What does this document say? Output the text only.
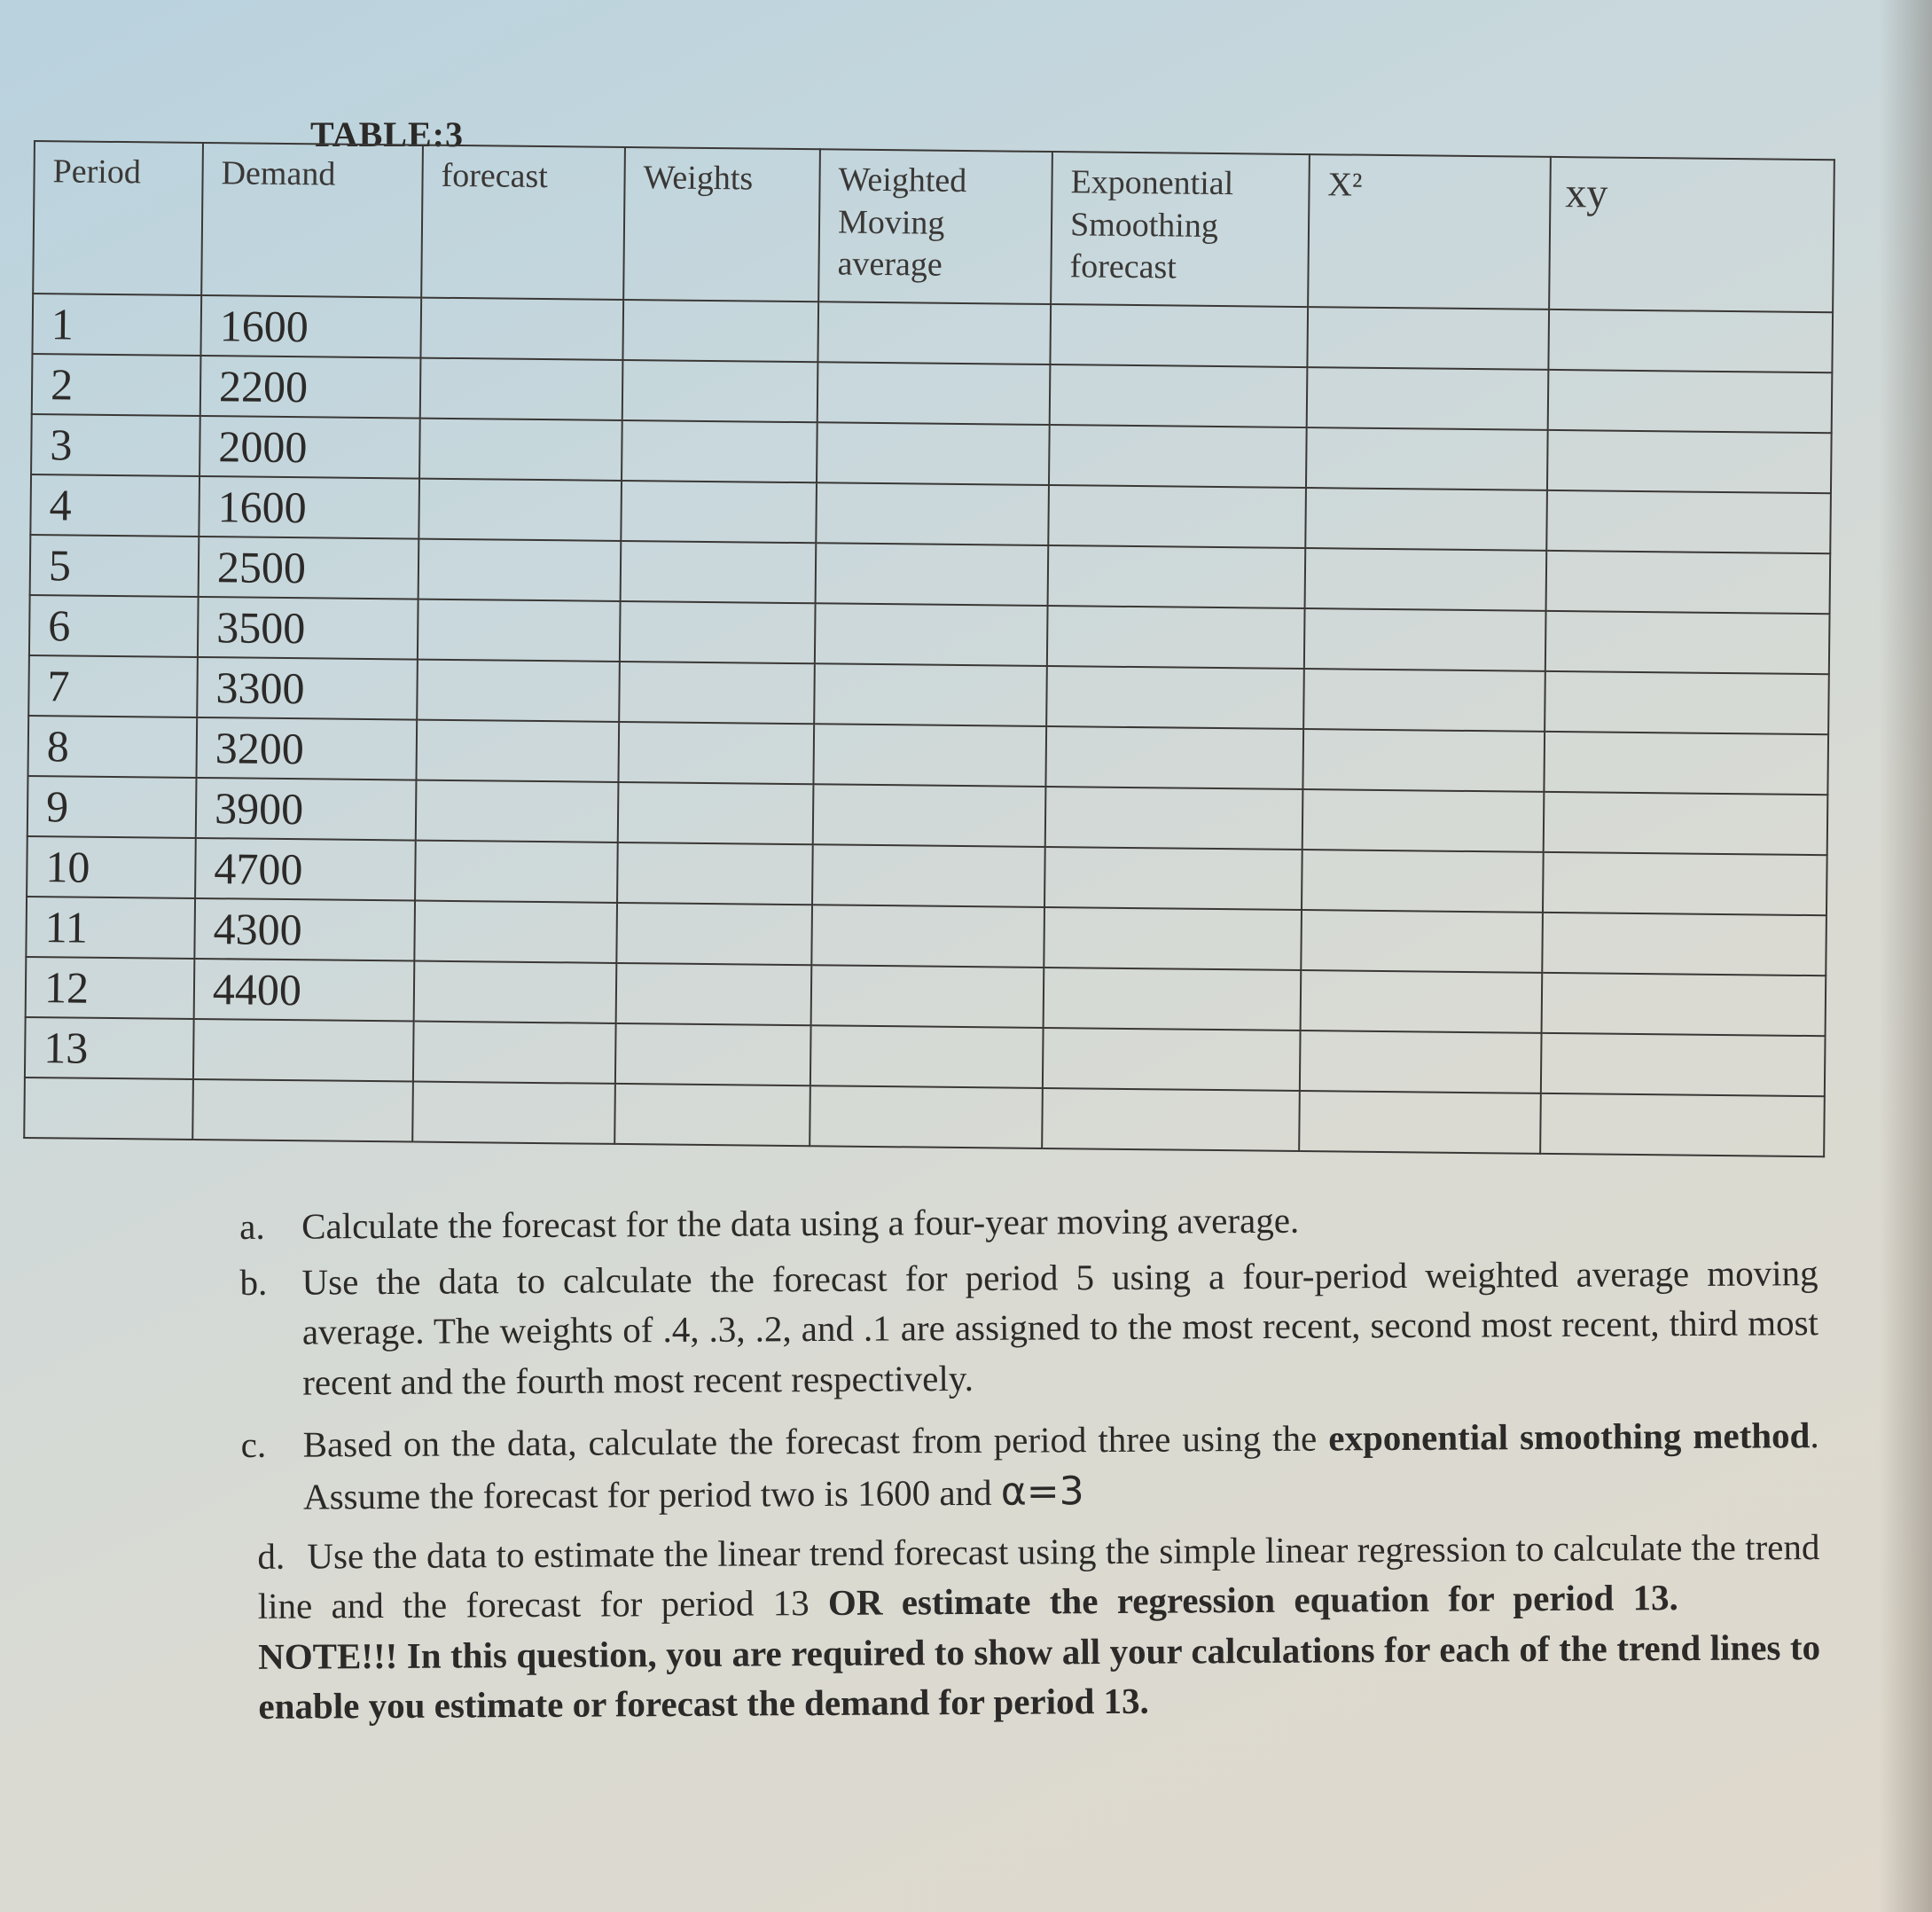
TABLE:3
Period	Demand	forecast	Weights	Weighted Moving average	Exponential Smoothing forecast	X²	xy
1	1600						
2	2200						
3	2000						
4	1600						
5	2500						
6	3500						
7	3300						
8	3200						
9	3900						
10	4700						
11	4300						
12	4400						
13							

a.	Calculate the forecast for the data using a four-year moving average.
b. Use the data to calculate the forecast for period 5 using a four-period weighted average moving average. The weights of .4, .3, .2, and .1 are assigned to the most recent, second most recent, third most recent and the fourth most recent respectively.
c.	Based on the data, calculate the forecast from period three using the exponential smoothing method. Assume the forecast for period two is 1600 and α=3
d. Use the data to estimate the linear trend forecast using the simple linear regression to calculate the trend line and the forecast for period 13 OR estimate the regression equation for period 13.NOTE!!! In this question, you are required to show all your calculations for each of the trend lines to enable you estimate or forecast the demand for period 13.
